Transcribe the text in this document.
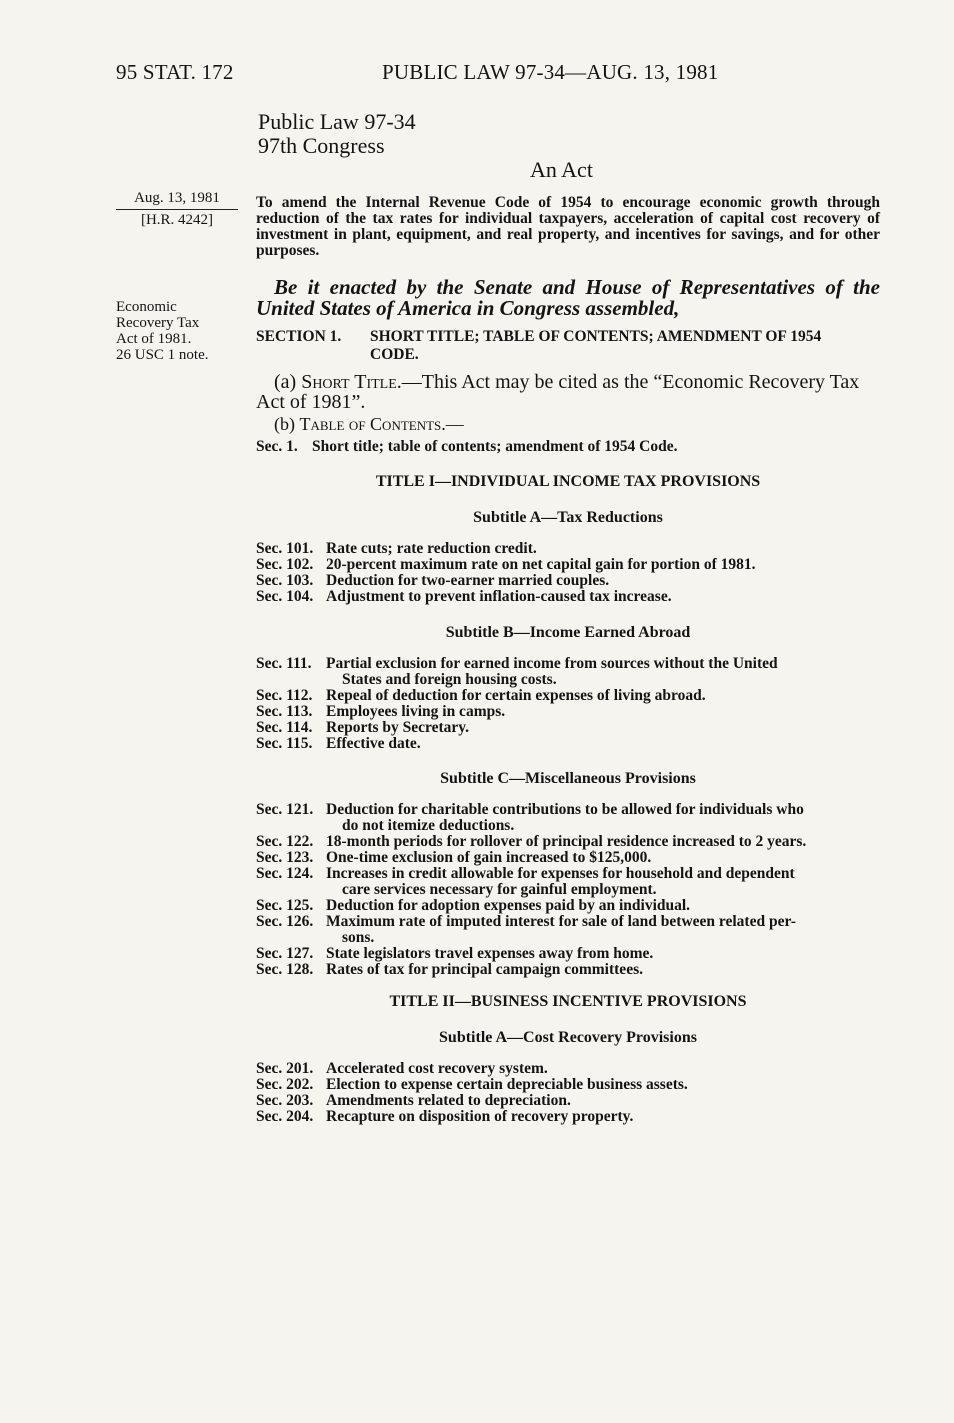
95 STAT. 172	PUBLIC LAW 97-34—AUG. 13, 1981
Public Law 97-34
97th Congress
An Act
Aug. 13, 1981
[H.R. 4242]
Economic
Recovery Tax
Act of 1981.
26 USC 1 note.
To amend the Internal Revenue Code of 1954 to encourage economic growth through reduction of the tax rates for individual taxpayers, acceleration of capital cost recovery of investment in plant, equipment, and real property, and incentives for savings, and for other purposes.
Be it enacted by the Senate and House of Representatives of the United States of America in Congress assembled,
SECTION 1. SHORT TITLE; TABLE OF CONTENTS; AMENDMENT OF 1954
CODE.
(a) Short Title.—This Act may be cited as the “Economic Recovery Tax Act of 1981”.
(b) Table of Contents.—
Sec. 1. Short title; table of contents; amendment of 1954 Code.
TITLE I—INDIVIDUAL INCOME TAX PROVISIONS
Subtitle A—Tax Reductions
Sec. 101. Rate cuts; rate reduction credit.
Sec. 102. 20-percent maximum rate on net capital gain for portion of 1981.
Sec. 103. Deduction for two-earner married couples.
Sec. 104. Adjustment to prevent inflation-caused tax increase.
Subtitle B—Income Earned Abroad
Sec. 111. Partial exclusion for earned income from sources without the United
States and foreign housing costs.
Sec. 112. Repeal of deduction for certain expenses of living abroad.
Sec. 113. Employees living in camps.
Sec. 114. Reports by Secretary.
Sec. 115. Effective date.
Subtitle C—Miscellaneous Provisions
Sec. 121. Deduction for charitable contributions to be allowed for individuals who
do not itemize deductions.
Sec. 122. 18-month periods for rollover of principal residence increased to 2 years.
Sec. 123. One-time exclusion of gain increased to $125,000.
Sec. 124. Increases in credit allowable for expenses for household and dependent
care services necessary for gainful employment.
Sec. 125. Deduction for adoption expenses paid by an individual.
Sec. 126. Maximum rate of imputed interest for sale of land between related per-
sons.
Sec. 127. State legislators travel expenses away from home.
Sec. 128. Rates of tax for principal campaign committees.
TITLE II—BUSINESS INCENTIVE PROVISIONS
Subtitle A—Cost Recovery Provisions
Sec. 201. Accelerated cost recovery system.
Sec. 202. Election to expense certain depreciable business assets.
Sec. 203. Amendments related to depreciation.
Sec. 204. Recapture on disposition of recovery property.
